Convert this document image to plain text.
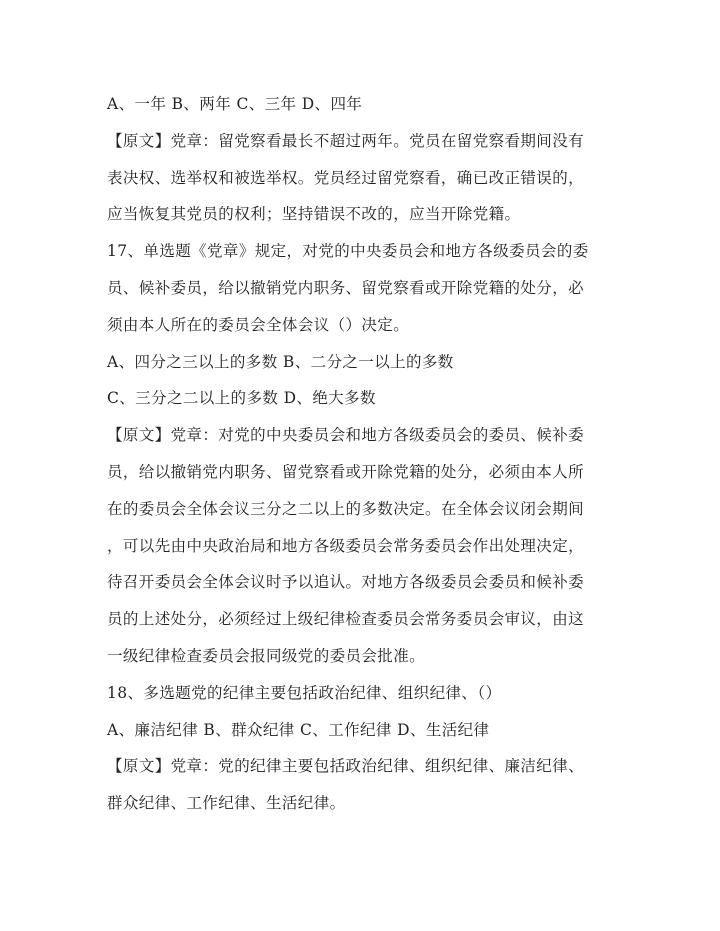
A、一年 B、两年 C、三年 D、四年
【原文】党章：留党察看最长不超过两年。党员在留党察看期间没有
表决权、选举权和被选举权。党员经过留党察看，确已改正错误的，
应当恢复其党员的权利；坚持错误不改的，应当开除党籍。
17、单选题《党章》规定，对党的中央委员会和地方各级委员会的委
员、候补委员，给以撤销党内职务、留党察看或开除党籍的处分，必
须由本人所在的委员会全体会议（）决定。
A、四分之三以上的多数 B、二分之一以上的多数
C、三分之二以上的多数 D、绝大多数
【原文】党章：对党的中央委员会和地方各级委员会的委员、候补委
员，给以撤销党内职务、留党察看或开除党籍的处分，必须由本人所
在的委员会全体会议三分之二以上的多数决定。在全体会议闭会期间
，可以先由中央政治局和地方各级委员会常务委员会作出处理决定，
待召开委员会全体会议时予以追认。对地方各级委员会委员和候补委
员的上述处分，必须经过上级纪律检查委员会常务委员会审议，由这
一级纪律检查委员会报同级党的委员会批准。
18、多选题党的纪律主要包括政治纪律、组织纪律、（）
A、廉洁纪律 B、群众纪律 C、工作纪律 D、生活纪律
【原文】党章：党的纪律主要包括政治纪律、组织纪律、廉洁纪律、
群众纪律、工作纪律、生活纪律。
